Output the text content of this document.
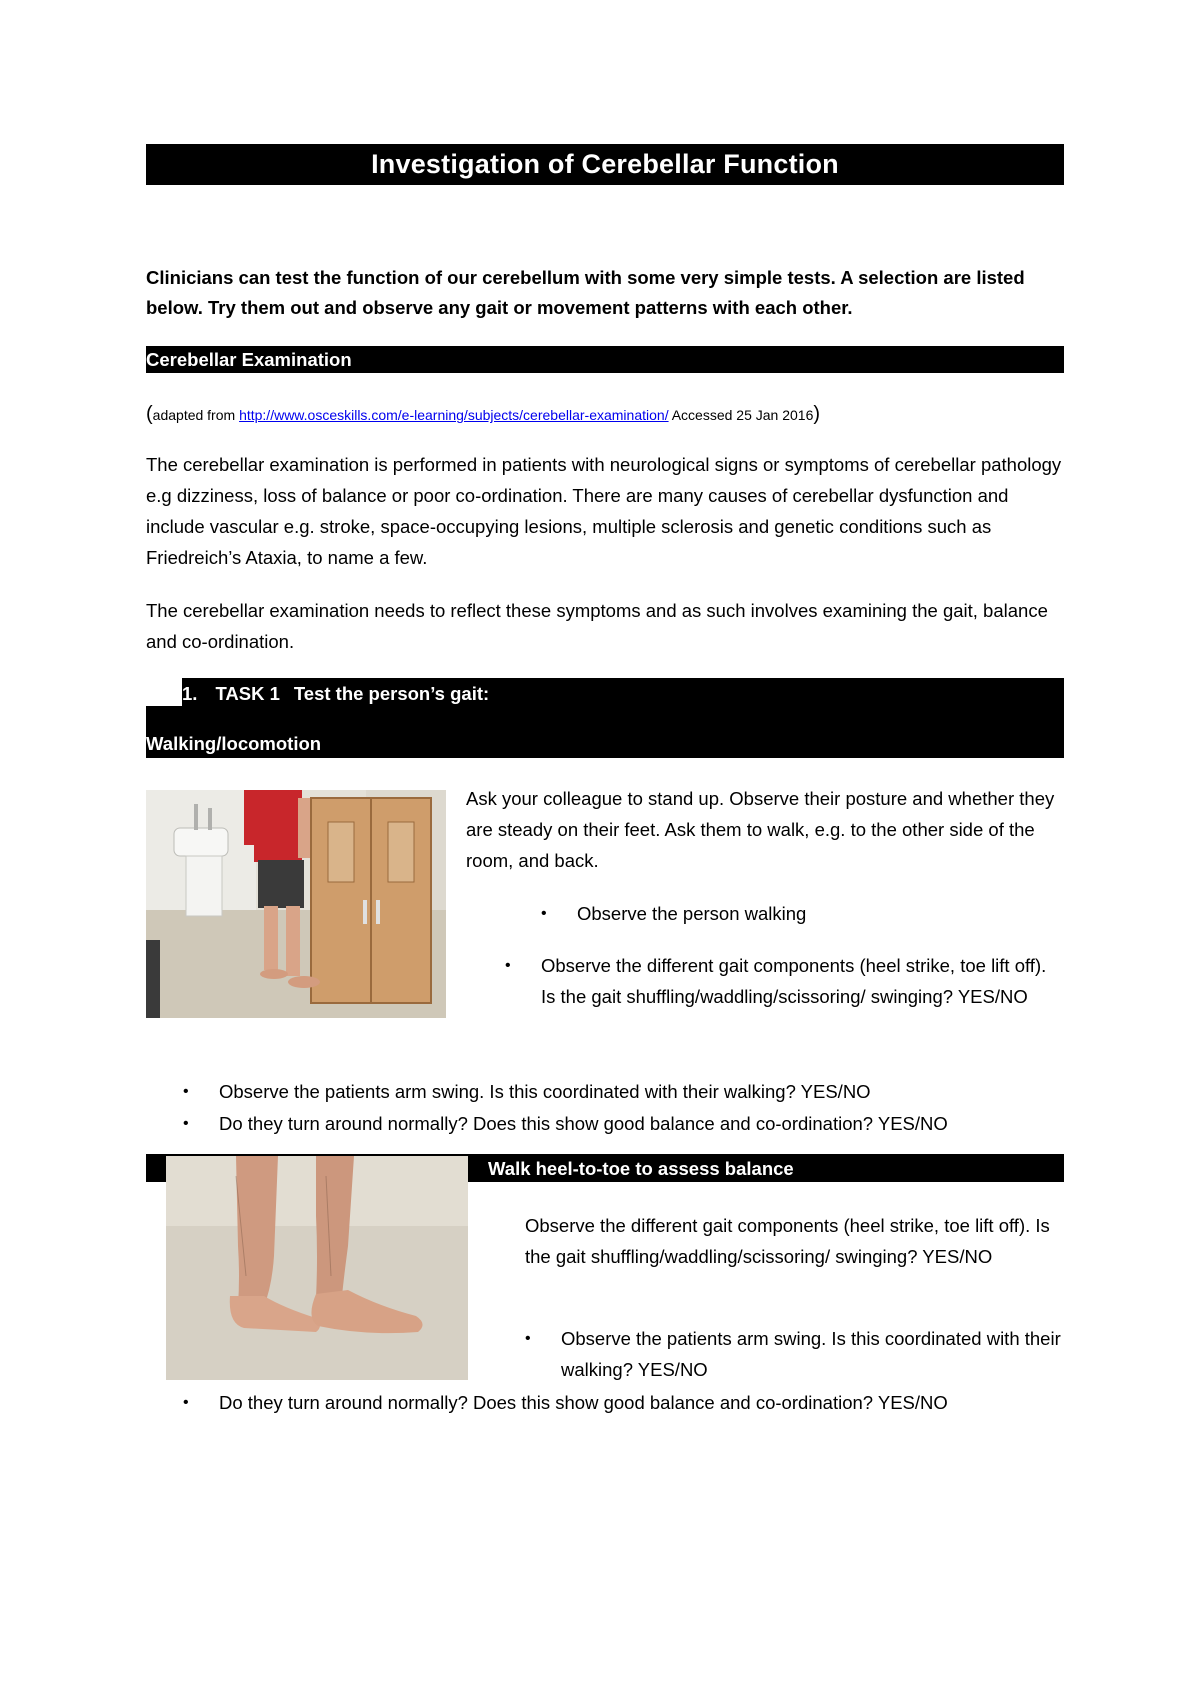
Investigation of Cerebellar Function
Clinicians can test the function of our cerebellum with some very simple tests. A selection are listed below. Try them out and observe any gait or movement patterns with each other.
Cerebellar Examination
(adapted from http://www.osceskills.com/e-learning/subjects/cerebellar-examination/ Accessed 25 Jan 2016)
The cerebellar examination is performed in patients with neurological signs or symptoms of cerebellar pathology e.g dizziness, loss of balance or poor co-ordination. There are many causes of cerebellar dysfunction and include vascular e.g. stroke, space-occupying lesions, multiple sclerosis and genetic conditions such as Friedreich’s Ataxia, to name a few.
The cerebellar examination needs to reflect these symptoms and as such involves examining the gait, balance and co-ordination.
1. TASK 1 Test the person’s gait:
Walking/locomotion
Ask your colleague to stand up. Observe their posture and whether they are steady on their feet. Ask them to walk, e.g. to the other side of the room, and back.
•	Observe the person walking
•	Observe the different gait components (heel strike, toe lift off). Is the gait shuffling/waddling/scissoring/ swinging? YES/NO
•	Observe the patients arm swing. Is this coordinated with their walking? YES/NO
•	Do they turn around normally? Does this show good balance and co-ordination? YES/NO
Walk heel-to-toe to assess balance
Observe the different gait components (heel strike, toe lift off). Is the gait shuffling/waddling/scissoring/ swinging? YES/NO
•	Observe the patients arm swing. Is this coordinated with their walking? YES/NO
•	Do they turn around normally? Does this show good balance and co-ordination? YES/NO
